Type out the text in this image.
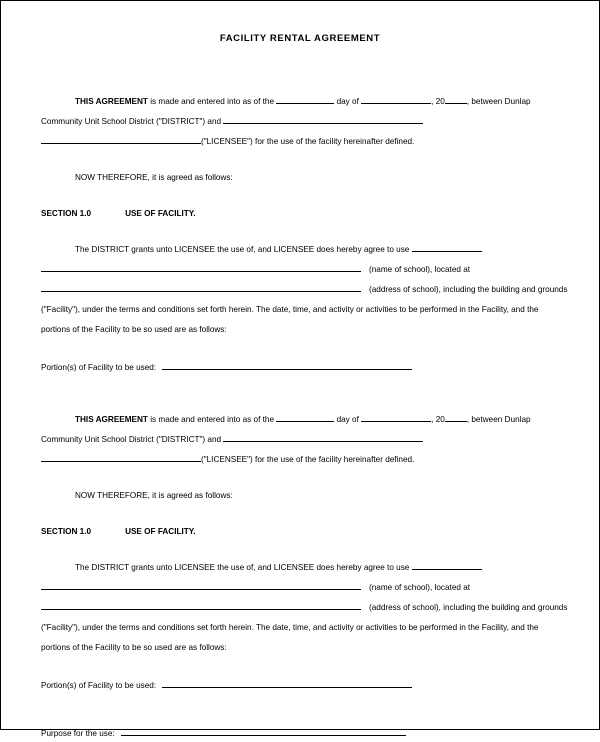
FACILITY RENTAL AGREEMENT
THIS AGREEMENT is made and entered into as of the	day of	, 20	, between Dunlap
Community Unit School District ("DISTRICT") and
("LICENSEE") for the use of the facility hereinafter defined.
NOW THEREFORE, it is agreed as follows:
SECTION 1.0	USE OF FACILITY.
The DISTRICT grants unto LICENSEE the use of, and LICENSEE does hereby agree to use
(name of school), located at
(address of school), including the building and grounds
("Facility"), under the terms and conditions set forth herein. The date, time, and activity or activities to be performed in the Facility, and the
portions of the Facility to be so used are as follows:
Portion(s) of Facility to be used:
THIS AGREEMENT is made and entered into as of the	day of	, 20	, between Dunlap
Community Unit School District ("DISTRICT") and
("LICENSEE") for the use of the facility hereinafter defined.
NOW THEREFORE, it is agreed as follows:
SECTION 1.0	USE OF FACILITY.
The DISTRICT grants unto LICENSEE the use of, and LICENSEE does hereby agree to use
(name of school), located at
(address of school), including the building and grounds
("Facility"), under the terms and conditions set forth herein. The date, time, and activity or activities to be performed in the Facility, and the
portions of the Facility to be so used are as follows:
Portion(s) of Facility to be used:
Purpose for the use:
